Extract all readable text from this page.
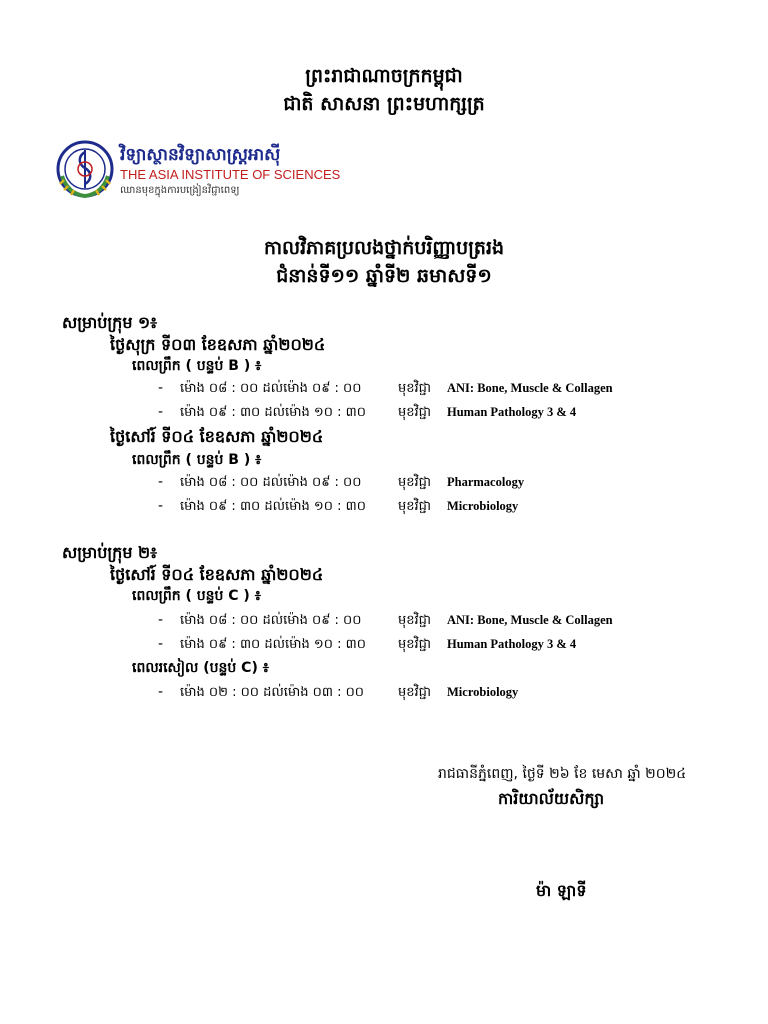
ព្រះរាជាណាចក្រកម្ពុជា
ជាតិ សាសនា ព្រះមហាក្សត្រ
វិទ្យាស្ថានវិទ្យាសាស្ត្រអាស៊ី
THE ASIA INSTITUTE OF SCIENCES
ឈានមុខក្នុងការបង្រៀនវិជ្ជាពេទ្យ
កាលវិភាគប្រលងថ្នាក់បរិញ្ញាបត្ររង
ជំនាន់ទី១១ ឆ្នាំទី២ ឆមាសទី១
សម្រាប់ក្រុម ១៖
ថ្ងៃសុក្រ ទី០៣ ខែឧសភា ឆ្នាំ២០២៤
ពេលព្រឹក ( បន្ទប់ B ) ៖
- ម៉ោង ០៨ : ០០ ដល់ម៉ោង ០៩ : ០០	មុខវិជ្ជា ANI: Bone, Muscle & Collagen
- ម៉ោង ០៩ : ៣០ ដល់ម៉ោង ១០ : ៣០ មុខវិជ្ជា Human Pathology 3 & 4
ថ្ងៃសៅរ៍ ទី០៤ ខែឧសភា ឆ្នាំ២០២៤
ពេលព្រឹក ( បន្ទប់ B ) ៖
- ម៉ោង ០៨ : ០០ ដល់ម៉ោង ០៩ : ០០	មុខវិជ្ជា Pharmacology
- ម៉ោង ០៩ : ៣០ ដល់ម៉ោង ១០ : ៣០ មុខវិជ្ជា Microbiology
សម្រាប់ក្រុម ២៖
ថ្ងៃសៅរ៍ ទី០៤ ខែឧសភា ឆ្នាំ២០២៤
ពេលព្រឹក ( បន្ទប់ C ) ៖
- ម៉ោង ០៨ : ០០ ដល់ម៉ោង ០៩ : ០០	មុខវិជ្ជា ANI: Bone, Muscle & Collagen
- ម៉ោង ០៩ : ៣០ ដល់ម៉ោង ១០ : ៣០ មុខវិជ្ជា Human Pathology 3 & 4
ពេលរសៀល (បន្ទប់ C) ៖
- ម៉ោង ០២ : ០០ ដល់ម៉ោង ០៣ : ០០	មុខវិជ្ជា Microbiology
រាជធានីភ្នំពេញ, ថ្ងៃទី ២៦ ខែ មេសា ឆ្នាំ ២០២៤
ការិយាល័យសិក្សា
ម៉ា ឡាទី
